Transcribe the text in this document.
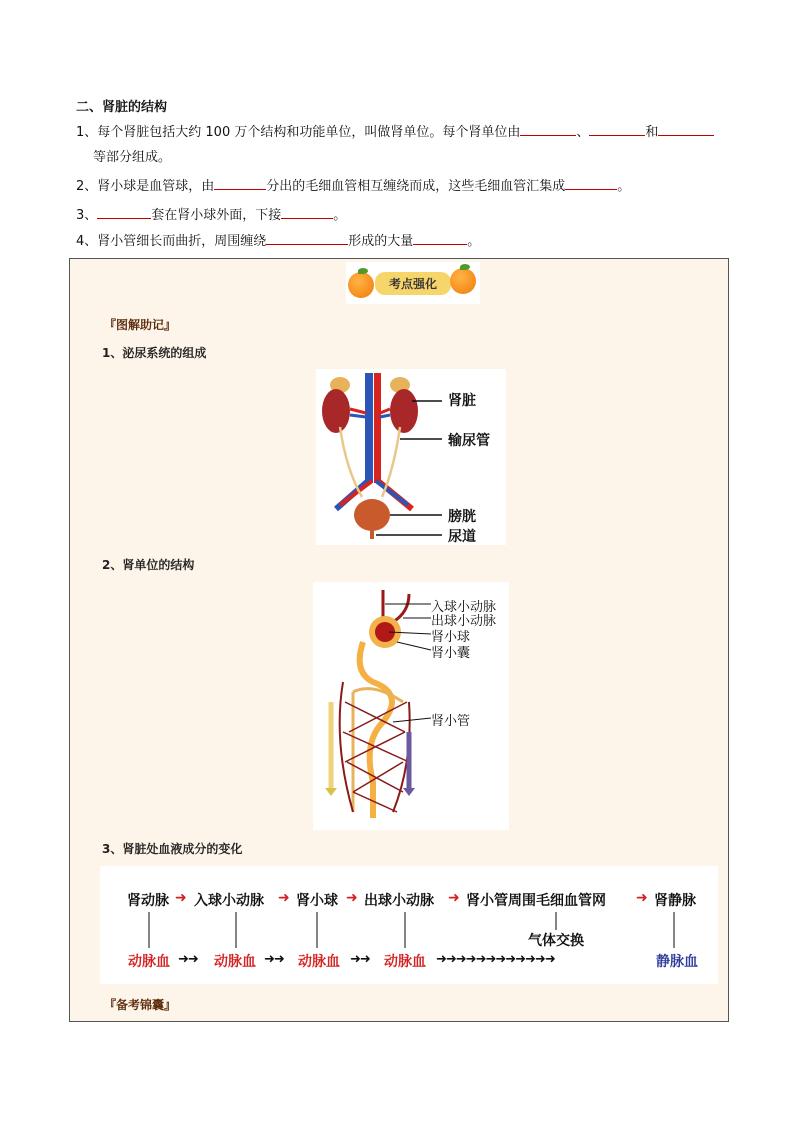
二、肾脏的结构
1、每个肾脏包括大约 100 万个结构和功能单位，叫做肾单位。每个肾单位由	、	和
等部分组成。
2、肾小球是血管球，由	分出的毛细血管相互缠绕而成，这些毛细血管汇集成	。
3、	套在肾小球外面，下接	。
4、肾小管细长而曲折，周围缠绕	形成的大量	。
考点强化
『图解助记』
1、泌尿系统的组成
肾脏
输尿管
膀胱
尿道
2、肾单位的结构
入球小动脉
出球小动脉
肾小球
肾小囊
肾小管
3、肾脏处血液成分的变化
肾动脉 ➜ 入球小动脉 ➜ 肾小球 ➜ 出球小动脉 ➜ 肾小管周围毛细血管网 ➜ 肾静脉
气体交换
动脉血 ➜➜ 动脉血 ➜➜ 动脉血 ➜➜ 动脉血 ➜➜➜➜➜➜➜➜➜➜➜➜	静脉血
『备考锦囊』
